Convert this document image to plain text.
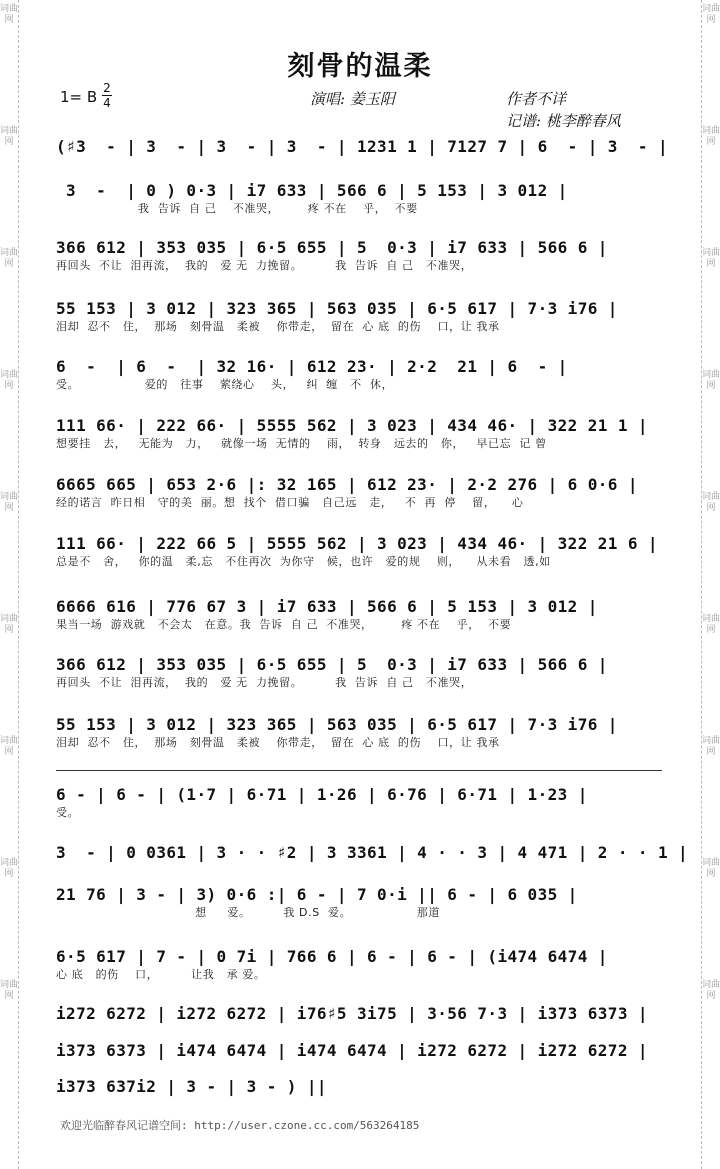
词曲网
词曲网
词曲网
词曲网
词曲网
词曲网
词曲网
词曲网
词曲网
词曲网
词曲网
词曲网
词曲网
词曲网
词曲网
词曲网
词曲网
词曲网
刻骨的温柔
1= B 2
4	演唱: 姜玉阳	作者不详
记谱: 桃李醉春风
(♯3  - | 3  - | 3  - | 3  - | 1231 1 | 7127 7 | 6  - | 3  - |
3  -  | 0 ) 0·3 | i7 633 | 566 6 | 5 153 | 3 012 |
我  告诉  自 己    不准哭，       疼 不在    乎，  不要
366 612 | 353 035 | 6·5 655 | 5  0·3 | i7 633 | 566 6 |
再回头  不让  泪再流，  我的   爱 无  力挽留。        我  告诉  自 己   不准哭，
55 153 | 3 012 | 323 365 | 563 035 | 6·5 617 | 7·3 i76 |
泪却  忍不   住，  那场   刻骨温   柔被    你带走，  留在  心 底  的伤    口，让 我承
6  -  | 6  -  | 32 16· | 612 23· | 2·2  21 | 6  - |
受。                爱的   往事    萦绕心    头，   纠  缠   不  休，
111 66· | 222 66· | 5555 562 | 3 023 | 434 46· | 322 21 1 |
想要挂   去，   无能为   力，   就像一场  无情的    雨，  转身   远去的   你，   早已忘  记 曾
6665 665 | 653 2·6 |: 32 165 | 612 23· | 2·2 276 | 6 0·6 |
经的诺言  昨日相   守的美  丽。想  找个  借口骗   自己远   走，   不  再  停    留，    心
111 66· | 222 66 5 | 5555 562 | 3 023 | 434 46· | 322 21 6 |
总是不   舍，   你的温   柔,忘   不住再次  为你守   候，也许   爱的规    则，    从未看   透,如
6666 616 | 776 67 3 | i7 633 | 566 6 | 5 153 | 3 012 |
果当一场  游戏就   不会太   在意。我  告诉  自 己  不准哭，       疼 不在    乎，  不要
366 612 | 353 035 | 6·5 655 | 5  0·3 | i7 633 | 566 6 |
再回头  不让  泪再流，  我的   爱 无  力挽留。        我  告诉  自 己   不准哭，
55 153 | 3 012 | 323 365 | 563 035 | 6·5 617 | 7·3 i76 |
泪却  忍不   住，  那场   刻骨温   柔被    你带走，  留在  心 底  的伤    口，让 我承
6 - | 6 - | (1·7 | 6·71 | 1·26 | 6·76 | 6·71 | 1·23 |
受。
3  - | 0 0361 | 3 · · ♯2 | 3 3361 | 4 · · 3 | 4 471 | 2 · · 1 |
21 76 | 3 - | 3) 0·6 :| 6 - | 7 0·i || 6 - | 6 035 |
想     爱。        我 D.S  爱。                那道
6·5 617 | 7 - | 0 7i | 766 6 | 6 - | 6 - | (i474 6474 |
心 底   的伤    口，        让我   承 爱。
i272 6272 | i272 6272 | i76♯5 3i75 | 3·56 7·3 | i373 6373 |
i373 6373 | i474 6474 | i474 6474 | i272 6272 | i272 6272 |
i373 637i2 | 3 - | 3 - ) ||
欢迎光临醉春风记谱空间: http://user.czone.cc.com/563264185
